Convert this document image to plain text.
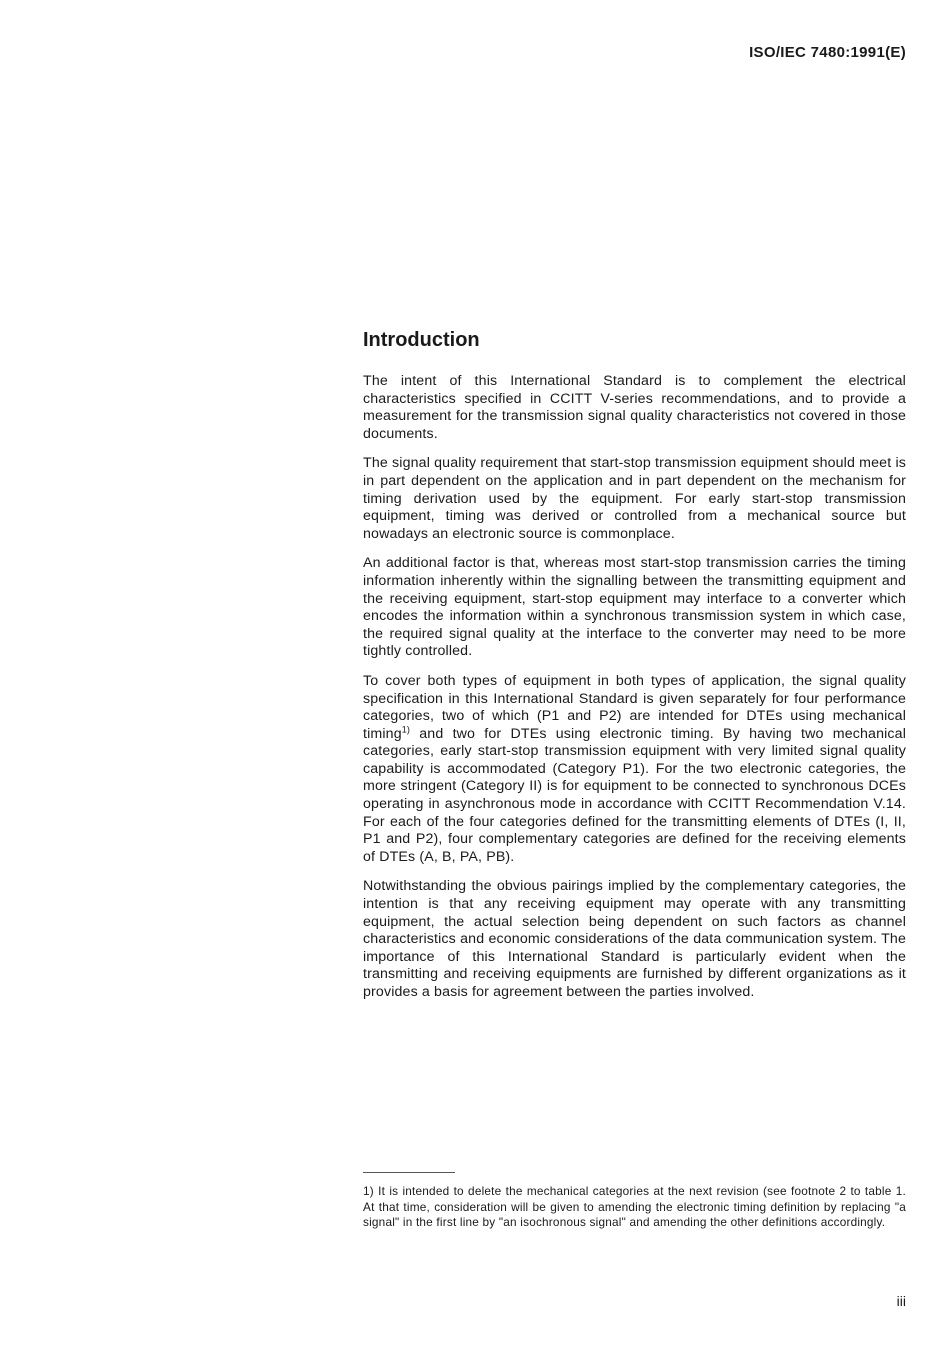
ISO/IEC 7480:1991(E)
Introduction

The intent of this International Standard is to complement the electrical characteristics specified in CCITT V-series recommendations, and to provide a measurement for the transmission signal quality characteristics not covered in those documents.

The signal quality requirement that start-stop transmission equipment should meet is in part dependent on the application and in part dependent on the mechanism for timing derivation used by the equipment. For early start-stop transmission equipment, timing was derived or controlled from a mechanical source but nowadays an electronic source is commonplace.

An additional factor is that, whereas most start-stop transmission carries the timing information inherently within the signalling between the transmitting equipment and the receiving equipment, start-stop equipment may interface to a converter which encodes the information within a synchronous transmission system in which case, the required signal quality at the interface to the converter may need to be more tightly controlled.

To cover both types of equipment in both types of application, the signal quality specification in this International Standard is given separately for four performance categories, two of which (P1 and P2) are intended for DTEs using mechanical timing$^{1)}$ and two for DTEs using electronic timing. By having two mechanical categories, early start-stop transmission equipment with very limited signal quality capability is accommodated (Category P1). For the two electronic categories, the more stringent (Category II) is for equipment to be connected to synchronous DCEs operating in asynchronous mode in accordance with CCITT Recommendation V.14. For each of the four categories defined for the transmitting elements of DTEs (I, II, P1 and P2), four complementary categories are defined for the receiving elements of DTEs (A, B, PA, PB).

Notwithstanding the obvious pairings implied by the complementary categories, the intention is that any receiving equipment may operate with any transmitting equipment, the actual selection being dependent on such factors as channel characteristics and economic considerations of the data communication system. The importance of this International Standard is particularly evident when the transmitting and receiving equipments are furnished by different organizations as it provides a basis for agreement between the parties involved.

1) It is intended to delete the mechanical categories at the next revision (see footnote 2 to table 1. At that time, consideration will be given to amending the electronic timing definition by replacing "a signal" in the first line by "an isochronous signal" and amending the other definitions accordingly.

iii
